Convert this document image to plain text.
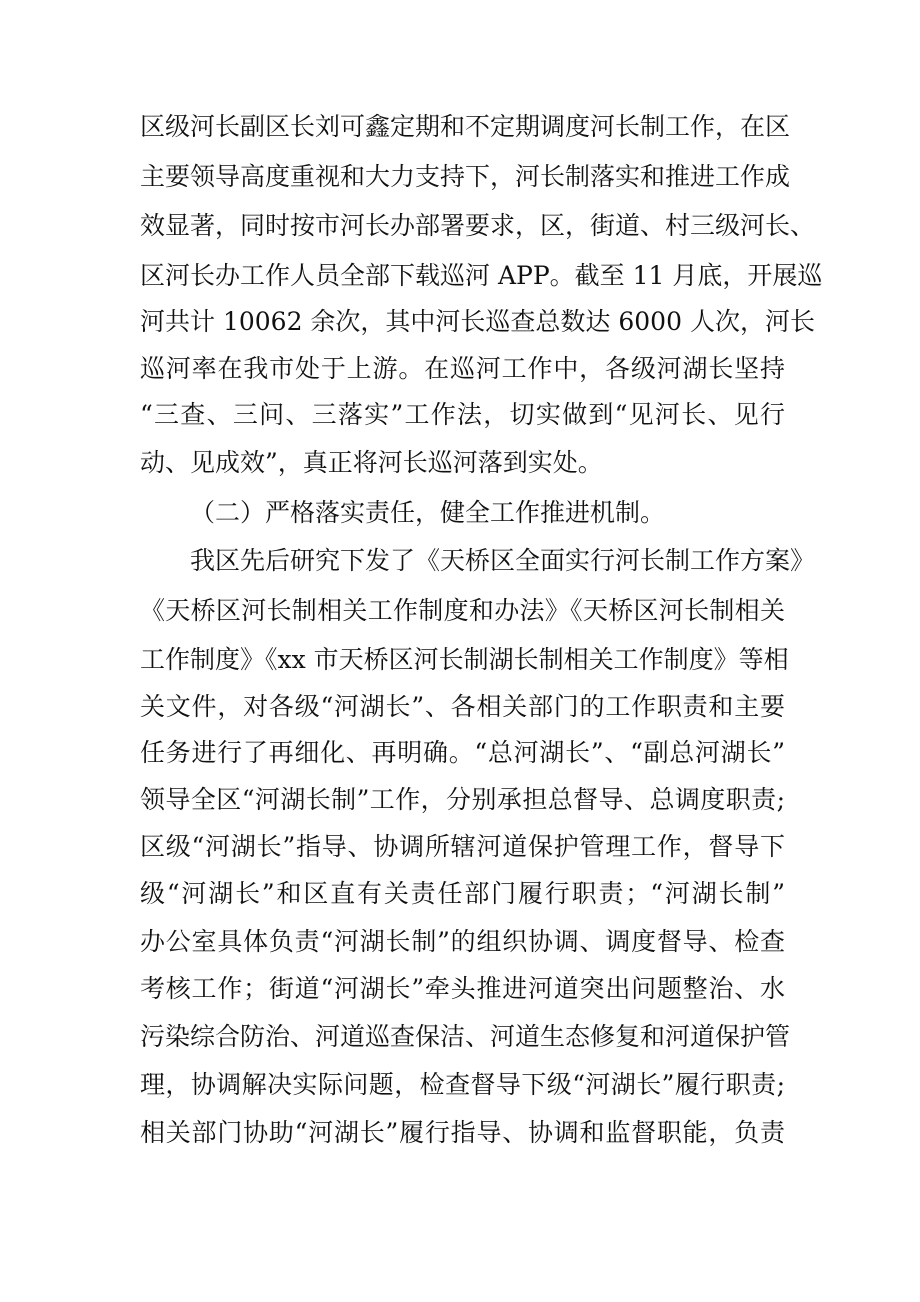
区级河长副区长刘可鑫定期和不定期调度河长制工作，在区
主要领导高度重视和大力支持下，河长制落实和推进工作成
效显著，同时按市河长办部署要求，区，街道、村三级河长、
区河长办工作人员全部下载巡河 APP。截至 11 月底，开展巡
河共计 10062 余次，其中河长巡查总数达 6000 人次，河长
巡河率在我市处于上游。在巡河工作中，各级河湖长坚持
“三查、三问、三落实”工作法，切实做到“见河长、见行
动、见成效”，真正将河长巡河落到实处。
（二）严格落实责任，健全工作推进机制。
我区先后研究下发了《天桥区全面实行河长制工作方案》
《天桥区河长制相关工作制度和办法》《天桥区河长制相关
工作制度》《xx 市天桥区河长制湖长制相关工作制度》等相
关文件，对各级“河湖长”、各相关部门的工作职责和主要
任务进行了再细化、再明确。“总河湖长”、“副总河湖长”
领导全区“河湖长制”工作，分别承担总督导、总调度职责;
区级“河湖长”指导、协调所辖河道保护管理工作，督导下
级“河湖长”和区直有关责任部门履行职责；“河湖长制”
办公室具体负责“河湖长制”的组织协调、调度督导、检查
考核工作；街道“河湖长”牵头推进河道突出问题整治、水
污染综合防治、河道巡查保洁、河道生态修复和河道保护管
理，协调解决实际问题，检查督导下级“河湖长”履行职责;
相关部门协助“河湖长”履行指导、协调和监督职能，负责
